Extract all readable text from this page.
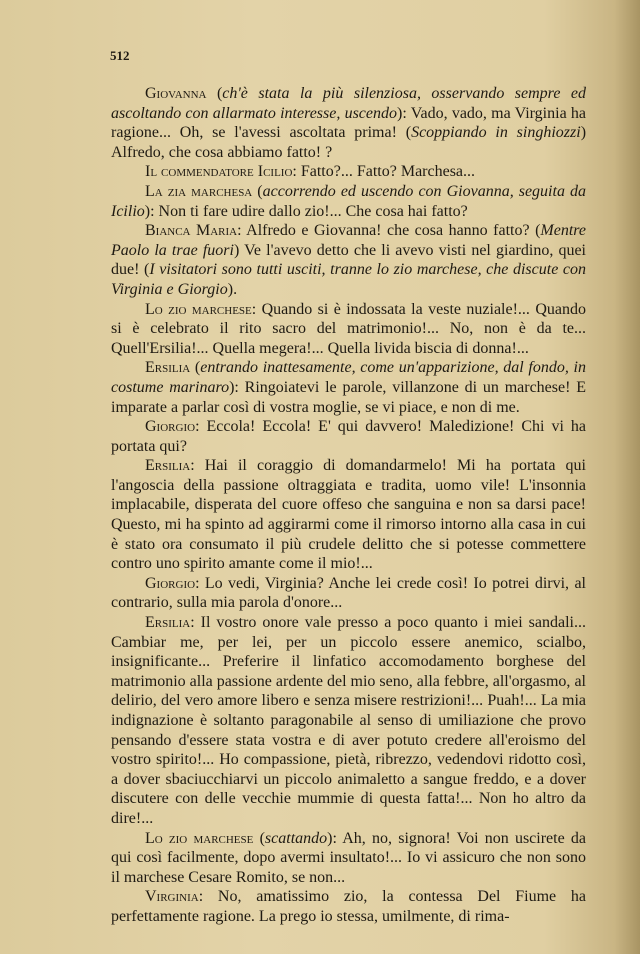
512

Giovanna (ch'è stata la più silenziosa, osservando sempre ed ascoltando con allarmato interesse, uscendo): Vado, vado, ma Virginia ha ragione... Oh, se l'avessi ascoltata prima! (Scoppiando in singhiozzi) Alfredo, che cosa abbiamo fatto! ?

Il commendatore Icilio: Fatto?... Fatto? Marchesa...

La zia marchesa (accorrendo ed uscendo con Giovanna, seguita da Icilio): Non ti fare udire dallo zio!... Che cosa hai fatto?

Bianca Maria: Alfredo e Giovanna! che cosa hanno fatto? (Mentre Paolo la trae fuori) Ve l'avevo detto che li avevo visti nel giardino, quei due! (I visitatori sono tutti usciti, tranne lo zio marchese, che discute con Virginia e Giorgio).

Lo zio marchese: Quando si è indossata la veste nuziale!... Quando si è celebrato il rito sacro del matrimonio!... No, non è da te... Quell'Ersilia!... Quella megera!... Quella livida biscia di donna!...

Ersilia (entrando inattesamente, come un'apparizione, dal fondo, in costume marinaro): Ringoiatevi le parole, villanzone di un marchese! E imparate a parlar così di vostra moglie, se vi piace, e non di me.

Giorgio: Eccola! Eccola! E' qui davvero! Maledizione! Chi vi ha portata qui?

Ersilia: Hai il coraggio di domandarmelo! Mi ha portata qui l'angoscia della passione oltraggiata e tradita, uomo vile! L'insonnia implacabile, disperata del cuore offeso che sanguina e non sa darsi pace! Questo, mi ha spinto ad aggirarmi come il rimorso intorno alla casa in cui è stato ora consumato il più crudele delitto che si potesse commettere contro uno spirito amante come il mio!...

Giorgio: Lo vedi, Virginia? Anche lei crede così! Io potrei dirvi, al contrario, sulla mia parola d'onore...

Ersilia: Il vostro onore vale presso a poco quanto i miei sandali... Cambiar me, per lei, per un piccolo essere anemico, scialbo, insignificante... Preferire il linfatico accomodamento borghese del matrimonio alla passione ardente del mio seno, alla febbre, all'orgasmo, al delirio, del vero amore libero e senza misere restrizioni!... Puah!... La mia indignazione è soltanto paragonabile al senso di umiliazione che provo pensando d'essere stata vostra e di aver potuto credere all'eroismo del vostro spirito!... Ho compassione, pietà, ribrezzo, vedendovi ridotto così, a dover sbaciucchiarvi un piccolo animaletto a sangue freddo, e a dover discutere con delle vecchie mummie di questa fatta!... Non ho altro da dire!...

Lo zio marchese (scattando): Ah, no, signora! Voi non uscirete da qui così facilmente, dopo avermi insultato!... Io vi assicuro che non sono il marchese Cesare Romito, se non...

Virginia: No, amatissimo zio, la contessa Del Fiume ha perfettamente ragione. La prego io stessa, umilmente, di rima-
